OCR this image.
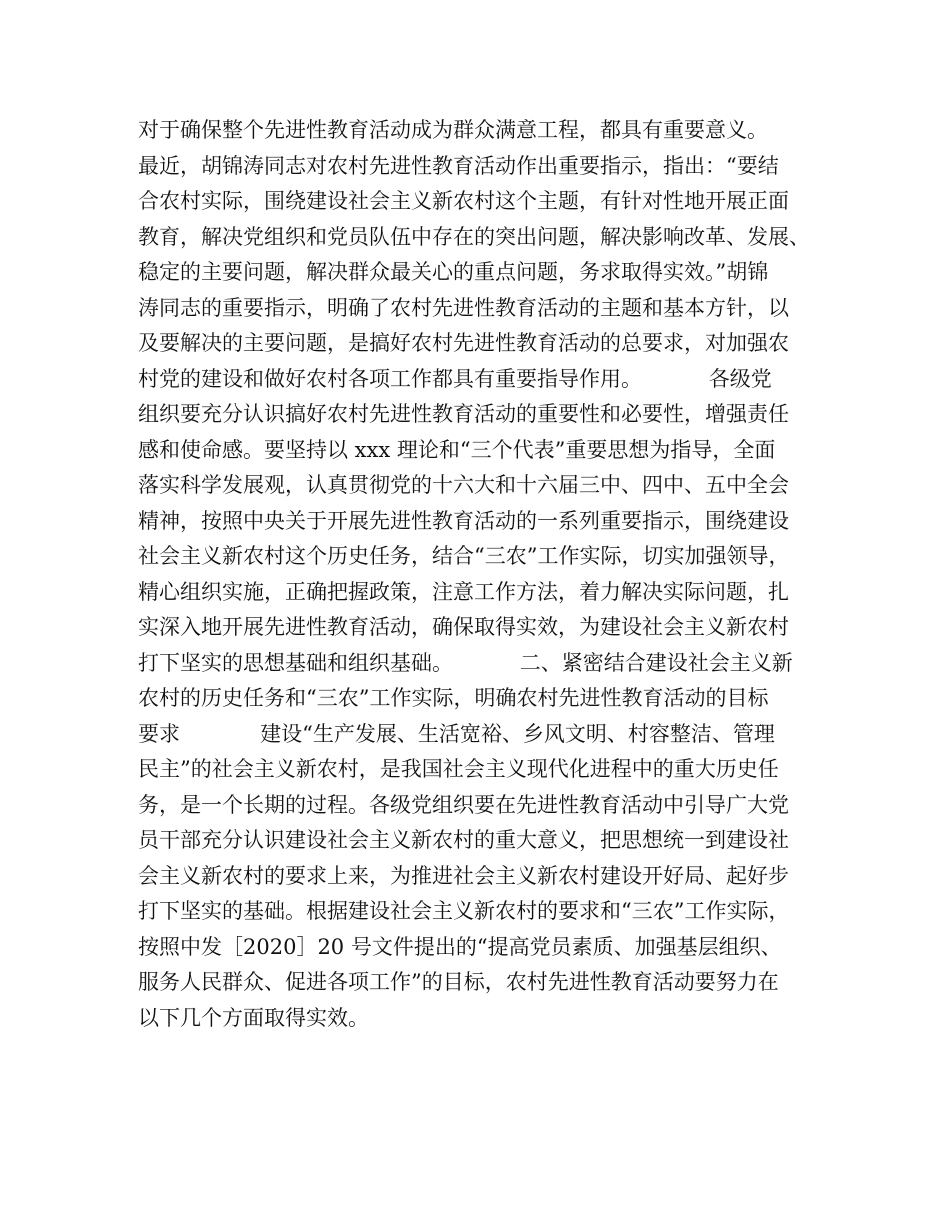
对于确保整个先进性教育活动成为群众满意工程，都具有重要意义。
最近，胡锦涛同志对农村先进性教育活动作出重要指示，指出：“要结
合农村实际，围绕建设社会主义新农村这个主题，有针对性地开展正面
教育，解决党组织和党员队伍中存在的突出问题，解决影响改革、发展、
稳定的主要问题，解决群众最关心的重点问题，务求取得实效。”胡锦
涛同志的重要指示，明确了农村先进性教育活动的主题和基本方针，以
及要解决的主要问题，是搞好农村先进性教育活动的总要求，对加强农
村党的建设和做好农村各项工作都具有重要指导作用。          各级党
组织要充分认识搞好农村先进性教育活动的重要性和必要性，增强责任
感和使命感。要坚持以 xxx 理论和“三个代表”重要思想为指导，全面
落实科学发展观，认真贯彻党的十六大和十六届三中、四中、五中全会
精神，按照中央关于开展先进性教育活动的一系列重要指示，围绕建设
社会主义新农村这个历史任务，结合“三农”工作实际，切实加强领导，
精心组织实施，正确把握政策，注意工作方法，着力解决实际问题，扎
实深入地开展先进性教育活动，确保取得实效，为建设社会主义新农村
打下坚实的思想基础和组织基础。          二、紧密结合建设社会主义新
农村的历史任务和“三农”工作实际，明确农村先进性教育活动的目标
要求            建设“生产发展、生活宽裕、乡风文明、村容整洁、管理
民主”的社会主义新农村，是我国社会主义现代化进程中的重大历史任
务，是一个长期的过程。各级党组织要在先进性教育活动中引导广大党
员干部充分认识建设社会主义新农村的重大意义，把思想统一到建设社
会主义新农村的要求上来，为推进社会主义新农村建设开好局、起好步
打下坚实的基础。根据建设社会主义新农村的要求和“三农”工作实际，
按照中发［2020］20 号文件提出的“提高党员素质、加强基层组织、
服务人民群众、促进各项工作”的目标，农村先进性教育活动要努力在
以下几个方面取得实效。
